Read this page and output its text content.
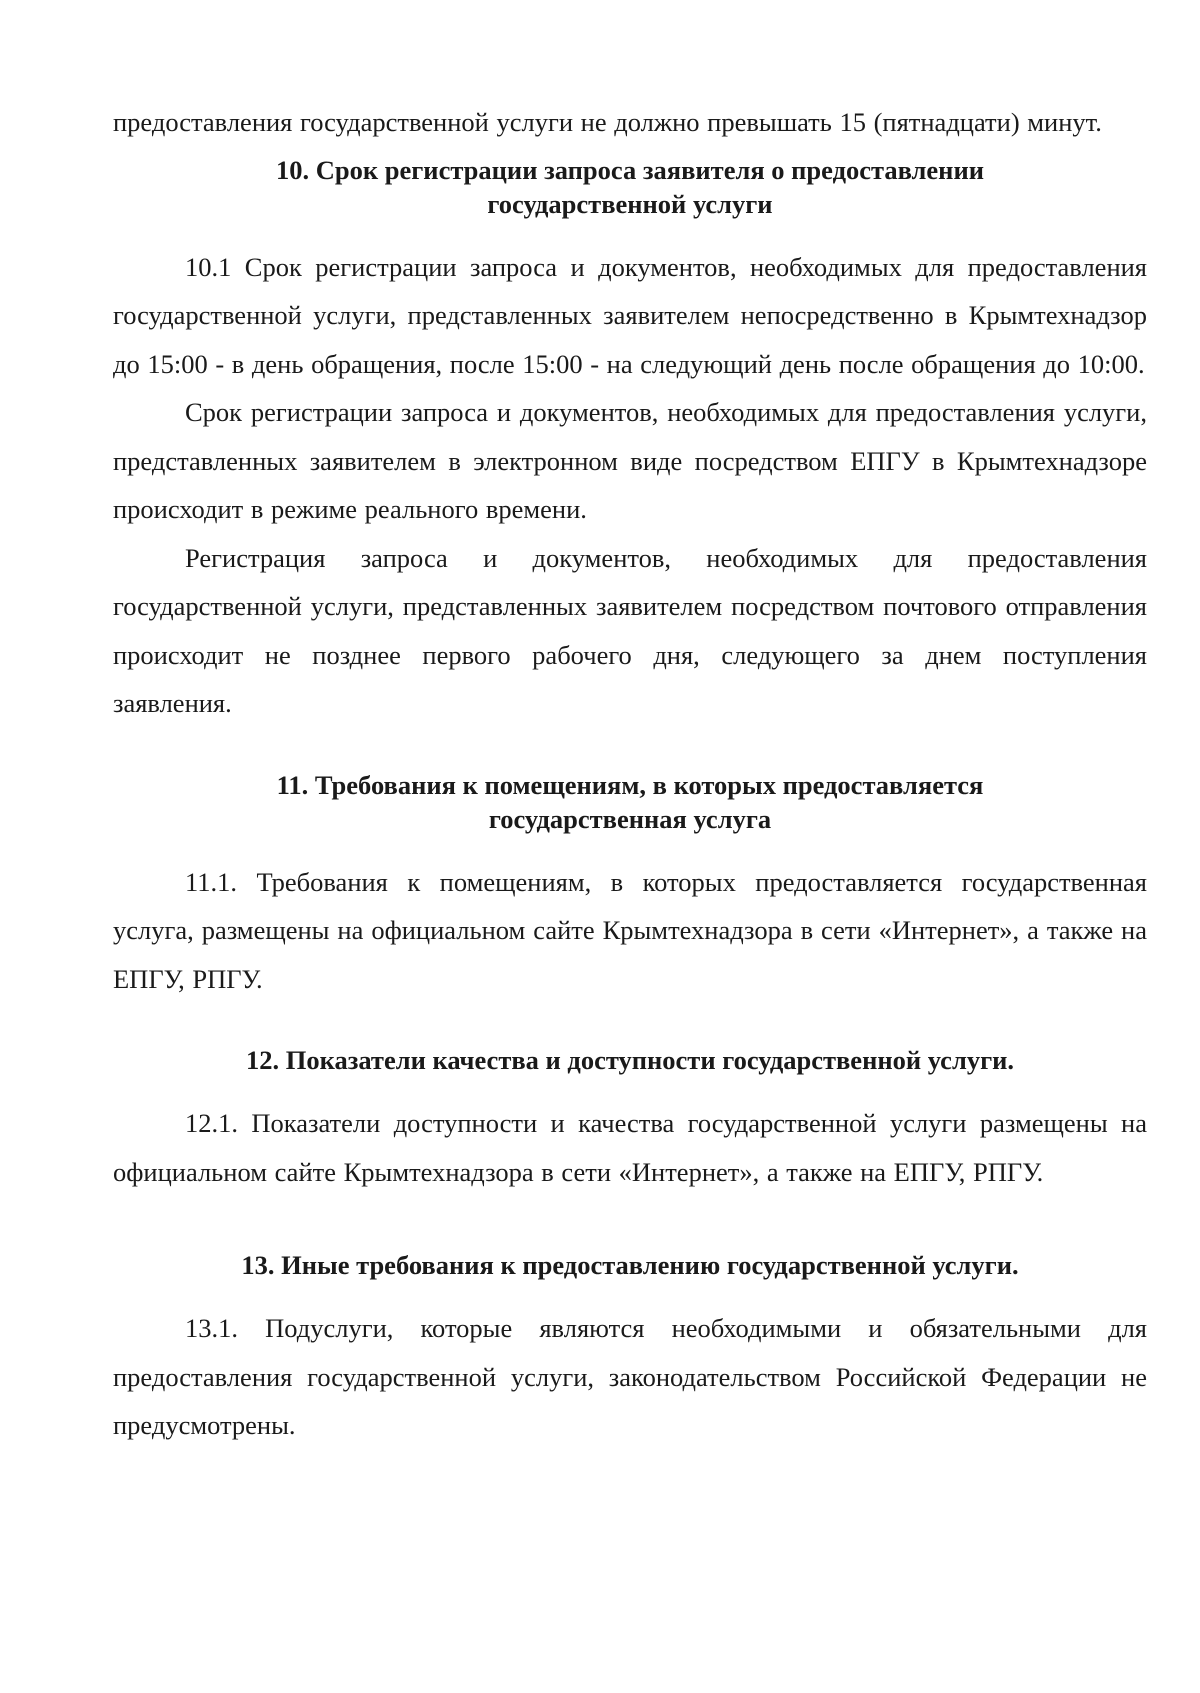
предоставления государственной услуги не должно превышать 15 (пятнадцати) минут.

10. Срок регистрации запроса заявителя о предоставлении
государственной услуги

10.1 Срок регистрации запроса и документов, необходимых для предоставления государственной услуги, представленных заявителем непосредственно в Крымтехнадзор до 15:00 - в день обращения, после 15:00 - на следующий день после обращения до 10:00.

Срок регистрации запроса и документов, необходимых для предоставления услуги, представленных заявителем в электронном виде посредством ЕПГУ в Крымтехнадзоре происходит в режиме реального времени.

Регистрация запроса и документов, необходимых для предоставления государственной услуги, представленных заявителем посредством почтового отправления происходит не позднее первого рабочего дня, следующего за днем поступления заявления.

11. Требования к помещениям, в которых предоставляется
государственная услуга

11.1. Требования к помещениям, в которых предоставляется государственная услуга, размещены на официальном сайте Крымтехнадзора в сети «Интернет», а также на ЕПГУ, РПГУ.

12. Показатели качества и доступности государственной услуги.

12.1. Показатели доступности и качества государственной услуги размещены на официальном сайте Крымтехнадзора в сети «Интернет», а также на ЕПГУ, РПГУ.

13. Иные требования к предоставлению государственной услуги.

13.1. Подуслуги, которые являются необходимыми и обязательными для предоставления государственной услуги, законодательством Российской Федерации не предусмотрены.
